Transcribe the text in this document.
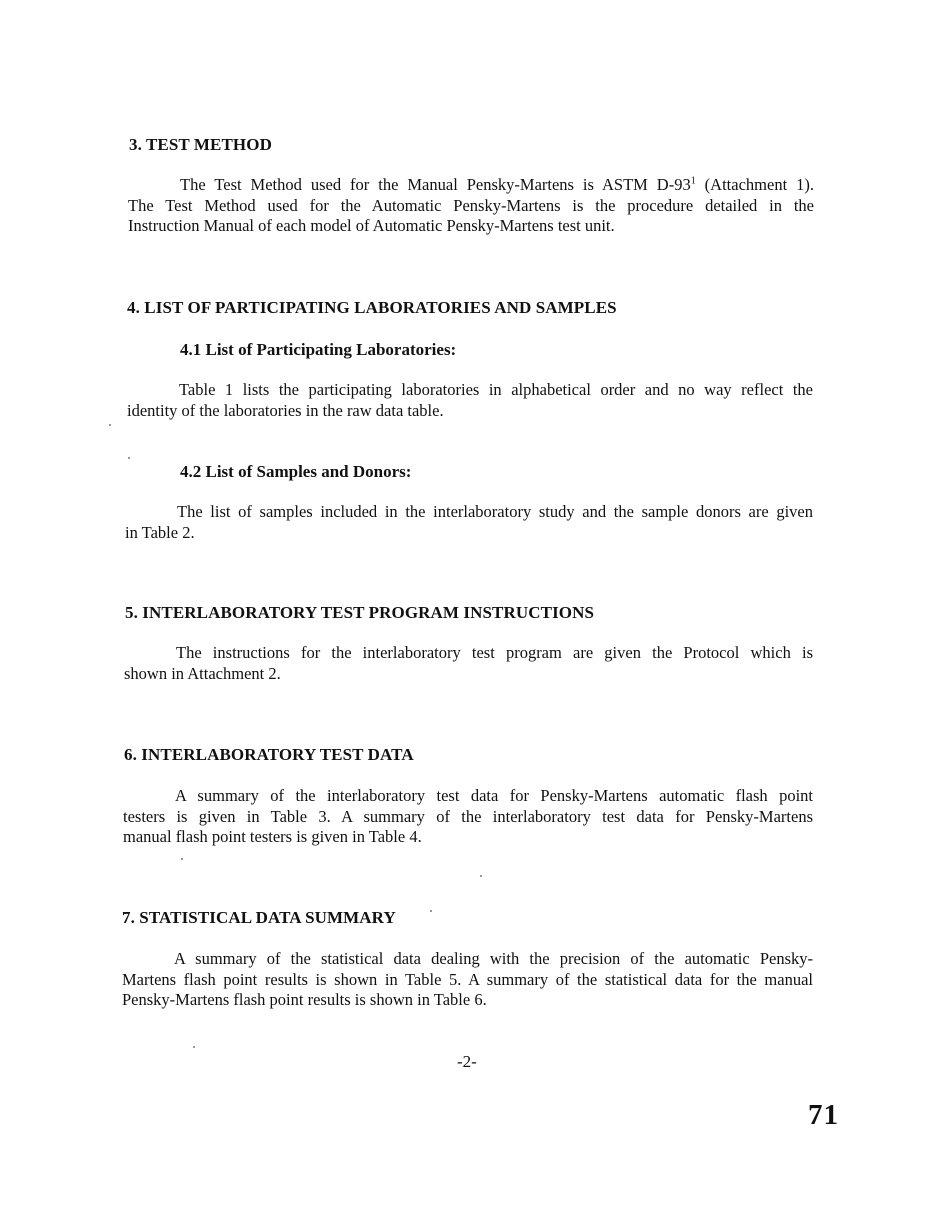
3. TEST METHOD
The Test Method used for the Manual Pensky-Martens is ASTM $D-93^1$ (Attachment 1).
The Test Method used for the Automatic Pensky-Martens is the procedure detailed in the
Instruction Manual of each model of Automatic Pensky-Martens test unit.
4. LIST OF PARTICIPATING LABORATORIES AND SAMPLES
4.1 List of Participating Laboratories:
Table 1 lists the participating laboratories in alphabetical order and no way reflect the
identity of the laboratories in the raw data table.
4.2 List of Samples and Donors:
The list of samples included in the interlaboratory study and the sample donors are given
in Table 2.
5. INTERLABORATORY TEST PROGRAM INSTRUCTIONS
The instructions for the interlaboratory test program are given the Protocol which is
shown in Attachment 2.
6. INTERLABORATORY TEST DATA
A summary of the interlaboratory test data for Pensky-Martens automatic flash point
testers is given in Table 3. A summary of the interlaboratory test data for Pensky-Martens
manual flash point testers is given in Table 4.
7. STATISTICAL DATA SUMMARY
A summary of the statistical data dealing with the precision of the automatic Pensky-
Martens flash point results is shown in Table 5. A summary of the statistical data for the manual
Pensky-Martens flash point results is shown in Table 6.
-2-
71
